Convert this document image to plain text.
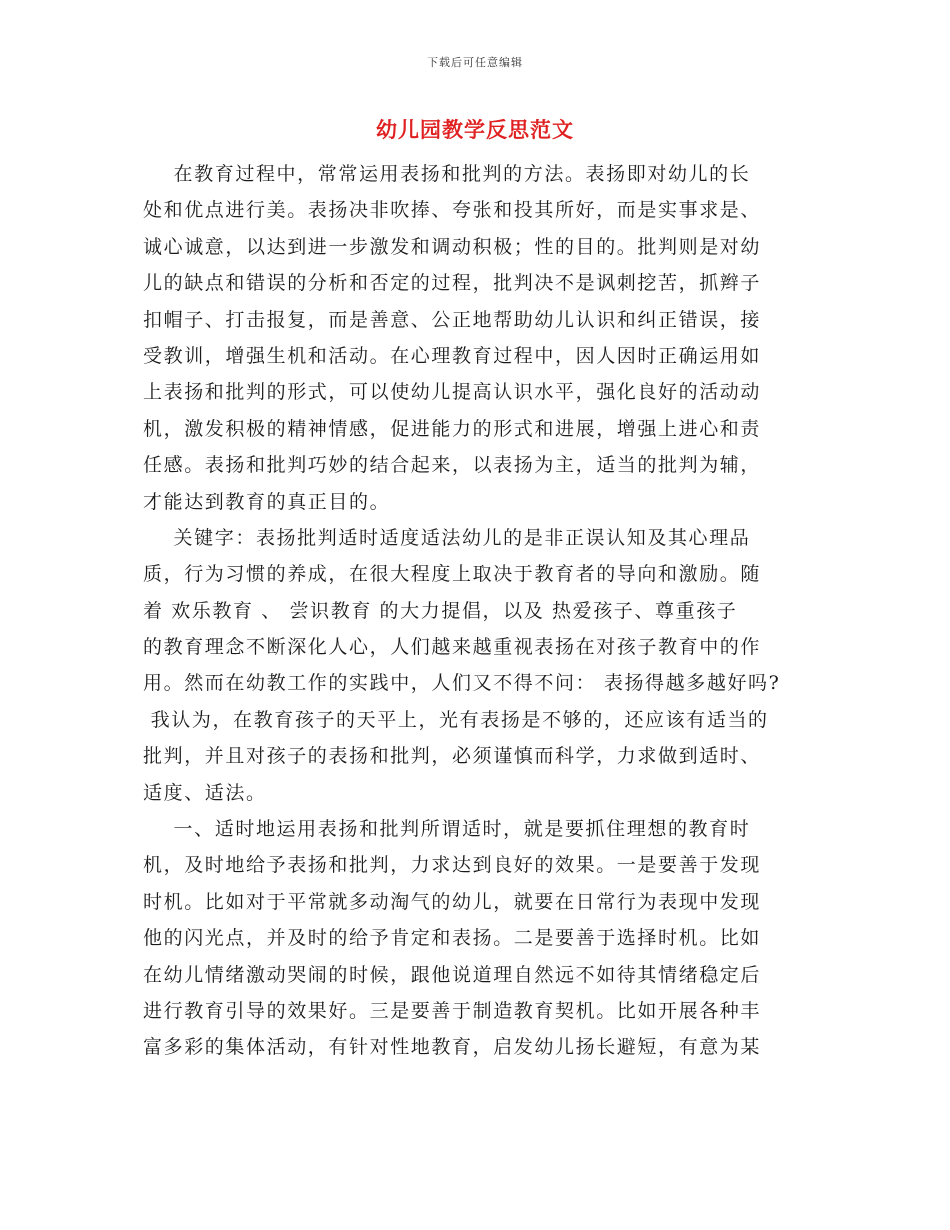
下载后可任意编辑
幼儿园教学反思范文
在教育过程中，常常运用表扬和批判的方法。表扬即对幼儿的长
处和优点进行美。表扬决非吹捧、夸张和投其所好，而是实事求是、
诚心诚意，以达到进一步激发和调动积极；性的目的。批判则是对幼
儿的缺点和错误的分析和否定的过程，批判决不是讽刺挖苦，抓辫子
扣帽子、打击报复，而是善意、公正地帮助幼儿认识和纠正错误，接
受教训，增强生机和活动。在心理教育过程中，因人因时正确运用如
上表扬和批判的形式，可以使幼儿提高认识水平，强化良好的活动动
机，激发积极的精神情感，促进能力的形式和进展，增强上进心和责
任感。表扬和批判巧妙的结合起来，以表扬为主，适当的批判为辅，
才能达到教育的真正目的。
关键字：表扬批判适时适度适法幼儿的是非正误认知及其心理品
质，行为习惯的养成，在很大程度上取决于教育者的导向和激励。随
着 欢乐教育 、 尝识教育 的大力提倡，以及 热爱孩子、尊重孩子
的教育理念不断深化人心，人们越来越重视表扬在对孩子教育中的作
用。然而在幼教工作的实践中，人们又不得不问： 表扬得越多越好吗?
我认为，在教育孩子的天平上，光有表扬是不够的，还应该有适当的
批判，并且对孩子的表扬和批判，必须谨慎而科学，力求做到适时、
适度、适法。
一、适时地运用表扬和批判所谓适时，就是要抓住理想的教育时
机，及时地给予表扬和批判，力求达到良好的效果。一是要善于发现
时机。比如对于平常就多动淘气的幼儿，就要在日常行为表现中发现
他的闪光点，并及时的给予肯定和表扬。二是要善于选择时机。比如
在幼儿情绪激动哭闹的时候，跟他说道理自然远不如待其情绪稳定后
进行教育引导的效果好。三是要善于制造教育契机。比如开展各种丰
富多彩的集体活动，有针对性地教育，启发幼儿扬长避短，有意为某
